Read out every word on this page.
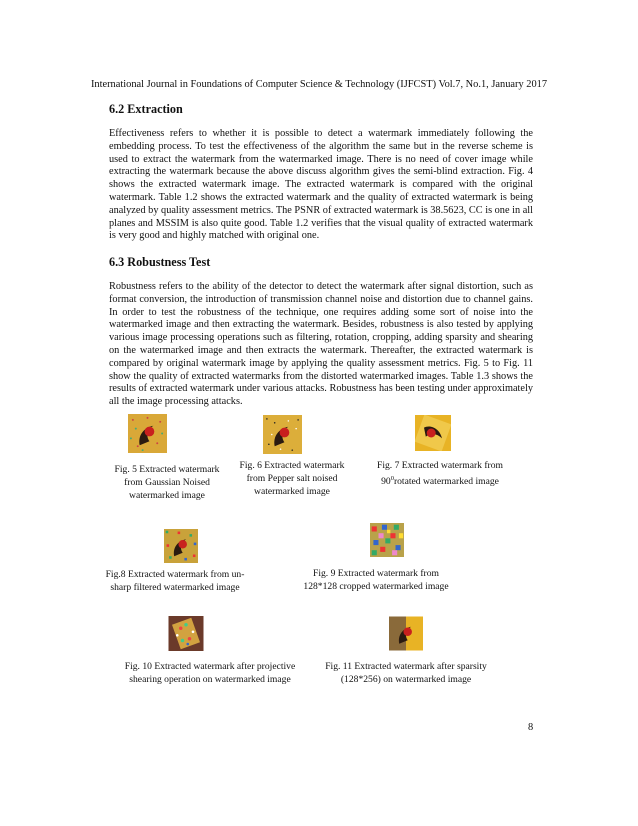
International Journal in Foundations of Computer Science & Technology (IJFCST) Vol.7, No.1, January 2017
6.2 Extraction

Effectiveness refers to whether it is possible to detect a watermark immediately following the embedding process. To test the effectiveness of the algorithm the same but in the reverse scheme is used to extract the watermark from the watermarked image. There is no need of cover image while extracting the watermark because the above discuss algorithm gives the semi-blind extraction. Fig. 4 shows the extracted watermark image. The extracted watermark is compared with the original watermark. Table 1.2 shows the extracted watermark and the quality of extracted watermark is being analyzed by quality assessment metrics. The PSNR of extracted watermark is 38.5623, CC is one in all planes and MSSIM is also quite good. Table 1.2 verifies that the visual quality of extracted watermark is very good and highly matched with original one.

6.3 Robustness Test

Robustness refers to the ability of the detector to detect the watermark after signal distortion, such as format conversion, the introduction of transmission channel noise and distortion due to channel gains. In order to test the robustness of the technique, one requires adding some sort of noise into the watermarked image and then extracting the watermark. Besides, robustness is also tested by applying various image processing operations such as filtering, rotation, cropping, adding sparsity and shearing on the watermarked image and then extracts the watermark. Thereafter, the extracted watermark is compared by original watermark image by applying the quality assessment metrics. Fig. 5 to Fig. 11 show the quality of extracted watermarks from the distorted watermarked images. Table 1.3 shows the results of extracted watermark under various attacks. Robustness has been testing under approximately all the image processing attacks.

Fig. 5 Extracted watermark from Gaussian Noised watermarked image

Fig. 6 Extracted watermark from Pepper salt noised watermarked image

Fig. 7 Extracted watermark from $90^0rotated$ watermarked image

Fig.8 Extracted watermark from un-sharp filtered watermarked image

Fig. 9 Extracted watermark from 128*128 cropped watermarked image

Fig. 10 Extracted watermark after projective shearing operation on watermarked image

Fig. 11 Extracted watermark after sparsity (128*256) on watermarked image

8
